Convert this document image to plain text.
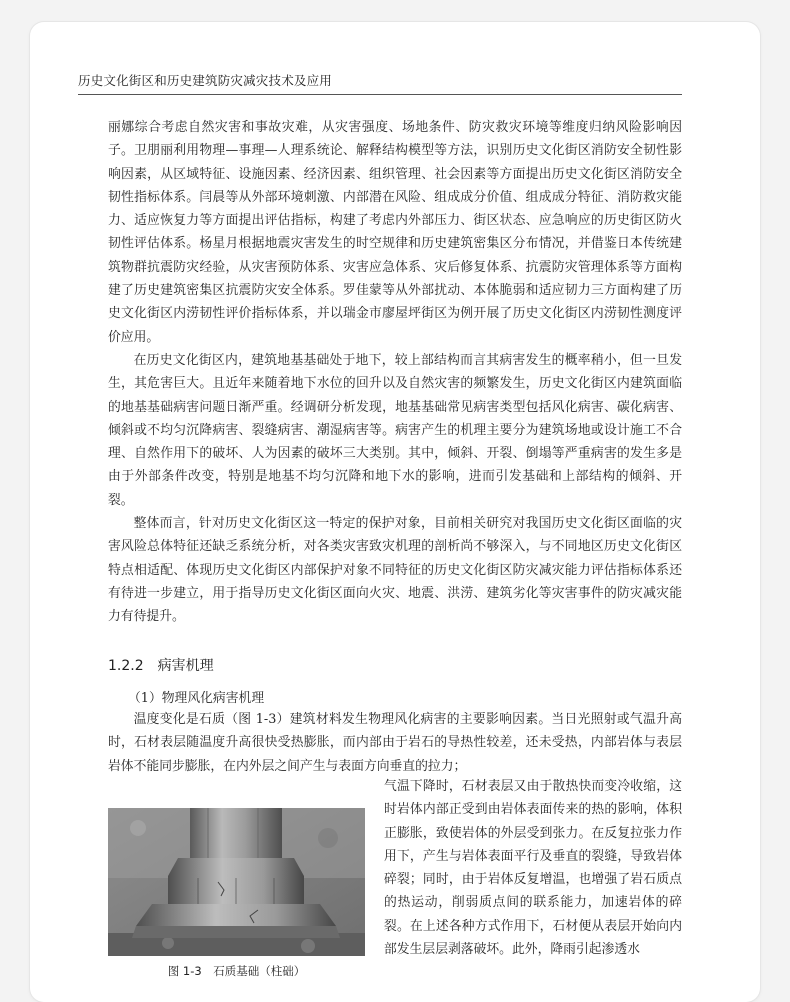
历史文化街区和历史建筑防灾减灾技术及应用

丽娜综合考虑自然灾害和事故灾难，从灾害强度、场地条件、防灾救灾环境等维度归纳风险影响因子。卫朋丽利用物理—事理—人理系统论、解释结构模型等方法，识别历史文化街区消防安全韧性影响因素，从区域特征、设施因素、经济因素、组织管理、社会因素等方面提出历史文化街区消防安全韧性指标体系。闫晨等从外部环境刺激、内部潜在风险、组成成分价值、组成成分特征、消防救灾能力、适应恢复力等方面提出评估指标，构建了考虑内外部压力、街区状态、应急响应的历史街区防火韧性评估体系。杨星月根据地震灾害发生的时空规律和历史建筑密集区分布情况，并借鉴日本传统建筑物群抗震防灾经验，从灾害预防体系、灾害应急体系、灾后修复体系、抗震防灾管理体系等方面构建了历史建筑密集区抗震防灾安全体系。罗佳蒙等从外部扰动、本体脆弱和适应韧力三方面构建了历史文化街区内涝韧性评价指标体系，并以瑞金市廖屋坪街区为例开展了历史文化街区内涝韧性测度评价应用。

在历史文化街区内，建筑地基基础处于地下，较上部结构而言其病害发生的概率稍小，但一旦发生，其危害巨大。且近年来随着地下水位的回升以及自然灾害的频繁发生，历史文化街区内建筑面临的地基基础病害问题日渐严重。经调研分析发现，地基基础常见病害类型包括风化病害、碳化病害、倾斜或不均匀沉降病害、裂缝病害、潮湿病害等。病害产生的机理主要分为建筑场地或设计施工不合理、自然作用下的破坏、人为因素的破坏三大类别。其中，倾斜、开裂、倒塌等严重病害的发生多是由于外部条件改变，特别是地基不均匀沉降和地下水的影响，进而引发基础和上部结构的倾斜、开裂。

整体而言，针对历史文化街区这一特定的保护对象，目前相关研究对我国历史文化街区面临的灾害风险总体特征还缺乏系统分析，对各类灾害致灾机理的剖析尚不够深入，与不同地区历史文化街区特点相适配、体现历史文化街区内部保护对象不同特征的历史文化街区防灾减灾能力评估指标体系还有待进一步建立，用于指导历史文化街区面向火灾、地震、洪涝、建筑劣化等灾害事件的防灾减灾能力有待提升。

1.2.2 病害机理
（1）物理风化病害机理

温度变化是石质（图 1-3）建筑材料发生物理风化病害的主要影响因素。当日光照射或气温升高时，石材表层随温度升高很快受热膨胀，而内部由于岩石的导热性较差，还未受热，内部岩体与表层岩体不能同步膨胀，在内外层之间产生与表面方向垂直的拉力；

图 1-3　石质基础（柱础）

气温下降时，石材表层又由于散热快而变冷收缩，这时岩体内部正受到由岩体表面传来的热的影响，体积正膨胀，致使岩体的外层受到张力。在反复拉张力作用下，产生与岩体表面平行及垂直的裂缝，导致岩体碎裂；同时，由于岩体反复增温，也增强了岩石质点的热运动，削弱质点间的联系能力，加速岩体的碎裂。在上述各种方式作用下，石材便从表层开始向内部发生层层剥落破坏。此外，降雨引起渗透水
